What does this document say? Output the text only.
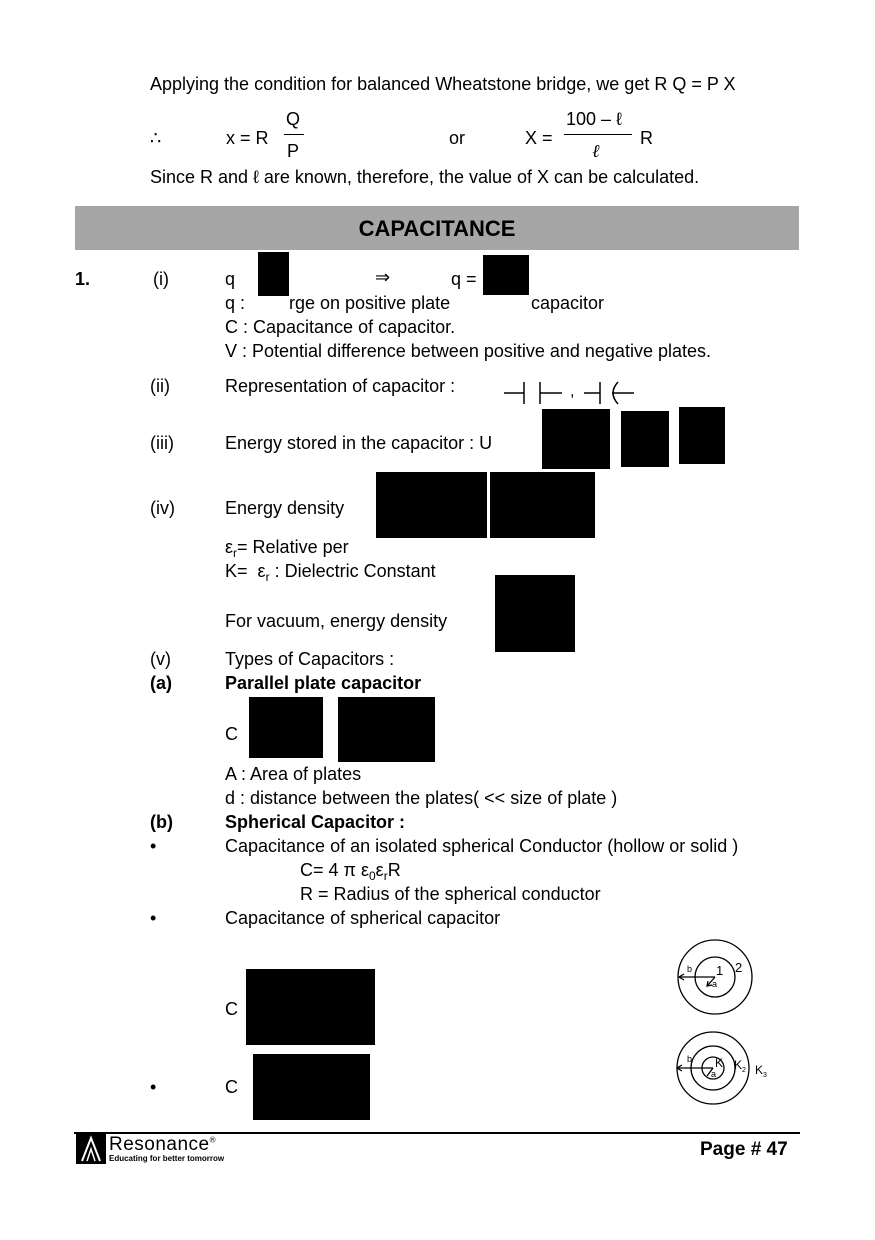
Applying the condition for balanced Wheatstone bridge, we get R Q = P X
∴	x = R
Q
P
or	X =
100 – ℓ
ℓ
R
Since R and ℓ are known, therefore, the value of X can be calculated.
CAPACITANCE
1.	(i)	q	⇒	q =
q : rge on positive plate	capacitor
C : Capacitance of capacitor.
V : Potential difference between positive and negative plates.
(ii)	Representation of capacitor :	,
(iii)	Energy stored in the capacitor : U
(iv)	Energy density
$\varepsilon_r=$ Relative per
$K= \varepsilon_r$ : Dielectric Constant
For vacuum, energy density
(v)	Types of Capacitors :
(a)	Parallel plate capacitor
C
A : Area of plates
d : distance between the plates( << size of plate )
(b)	Spherical Capacitor :
•	Capacitance of an isolated spherical Conductor (hollow or solid )
C= 4 π $\varepsilon_0\varepsilon_rR$
R = Radius of the spherical conductor
•	Capacitance of spherical capacitor
C
•	C
b
a
1 2
b
a
K $K_2$ $K_3$
Resonance®
Educating for better tomorrow	Page # 47
